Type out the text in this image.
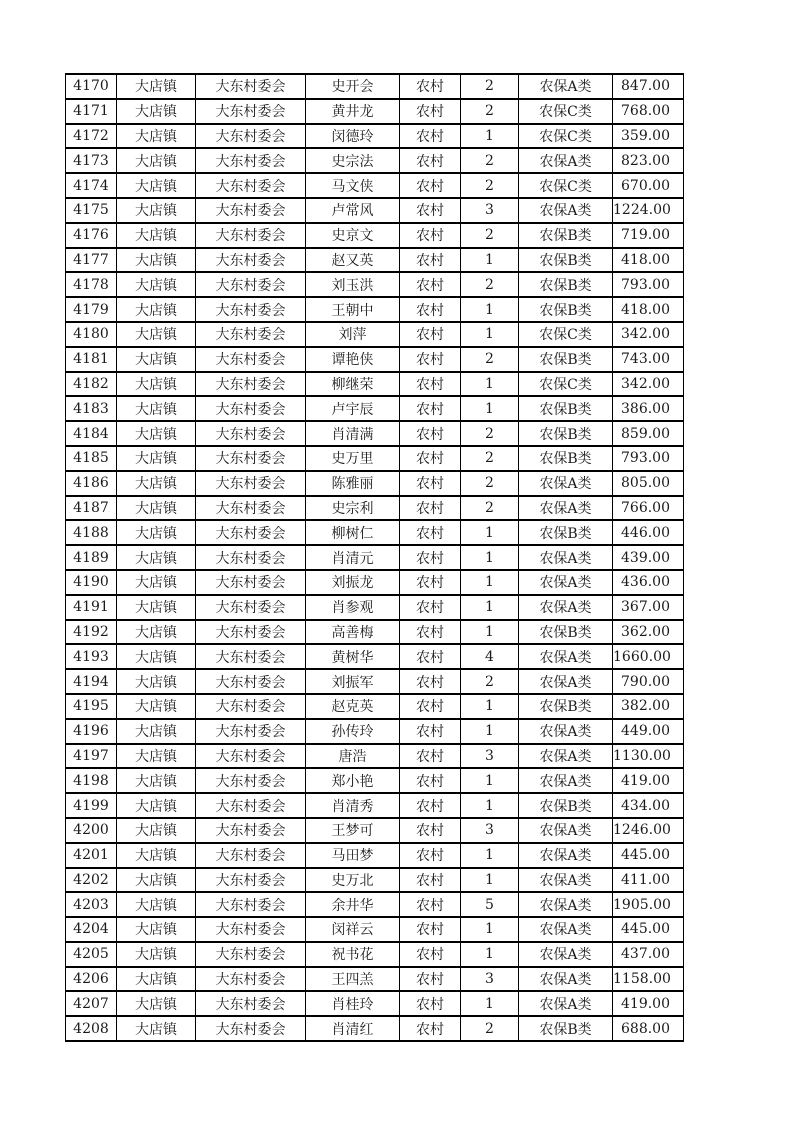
4170	大店镇	大东村委会	史开会	农村	2	农保A类	847.00
4171	大店镇	大东村委会	黄井龙	农村	2	农保C类	768.00
4172	大店镇	大东村委会	闵德玲	农村	1	农保C类	359.00
4173	大店镇	大东村委会	史宗法	农村	2	农保A类	823.00
4174	大店镇	大东村委会	马文侠	农村	2	农保C类	670.00
4175	大店镇	大东村委会	卢常风	农村	3	农保A类	1224.00
4176	大店镇	大东村委会	史京文	农村	2	农保B类	719.00
4177	大店镇	大东村委会	赵又英	农村	1	农保B类	418.00
4178	大店镇	大东村委会	刘玉洪	农村	2	农保B类	793.00
4179	大店镇	大东村委会	王朝中	农村	1	农保B类	418.00
4180	大店镇	大东村委会	刘萍	农村	1	农保C类	342.00
4181	大店镇	大东村委会	谭艳侠	农村	2	农保B类	743.00
4182	大店镇	大东村委会	柳继荣	农村	1	农保C类	342.00
4183	大店镇	大东村委会	卢宇辰	农村	1	农保B类	386.00
4184	大店镇	大东村委会	肖清满	农村	2	农保B类	859.00
4185	大店镇	大东村委会	史万里	农村	2	农保B类	793.00
4186	大店镇	大东村委会	陈雅丽	农村	2	农保A类	805.00
4187	大店镇	大东村委会	史宗利	农村	2	农保A类	766.00
4188	大店镇	大东村委会	柳树仁	农村	1	农保B类	446.00
4189	大店镇	大东村委会	肖清元	农村	1	农保A类	439.00
4190	大店镇	大东村委会	刘振龙	农村	1	农保A类	436.00
4191	大店镇	大东村委会	肖参观	农村	1	农保A类	367.00
4192	大店镇	大东村委会	高善梅	农村	1	农保B类	362.00
4193	大店镇	大东村委会	黄树华	农村	4	农保A类	1660.00
4194	大店镇	大东村委会	刘振军	农村	2	农保A类	790.00
4195	大店镇	大东村委会	赵克英	农村	1	农保B类	382.00
4196	大店镇	大东村委会	孙传玲	农村	1	农保A类	449.00
4197	大店镇	大东村委会	唐浩	农村	3	农保A类	1130.00
4198	大店镇	大东村委会	郑小艳	农村	1	农保A类	419.00
4199	大店镇	大东村委会	肖清秀	农村	1	农保B类	434.00
4200	大店镇	大东村委会	王梦可	农村	3	农保A类	1246.00
4201	大店镇	大东村委会	马田梦	农村	1	农保A类	445.00
4202	大店镇	大东村委会	史万北	农村	1	农保A类	411.00
4203	大店镇	大东村委会	余井华	农村	5	农保A类	1905.00
4204	大店镇	大东村委会	闵祥云	农村	1	农保A类	445.00
4205	大店镇	大东村委会	祝书花	农村	1	农保A类	437.00
4206	大店镇	大东村委会	王四羔	农村	3	农保A类	1158.00
4207	大店镇	大东村委会	肖桂玲	农村	1	农保A类	419.00
4208	大店镇	大东村委会	肖清红	农村	2	农保B类	688.00
